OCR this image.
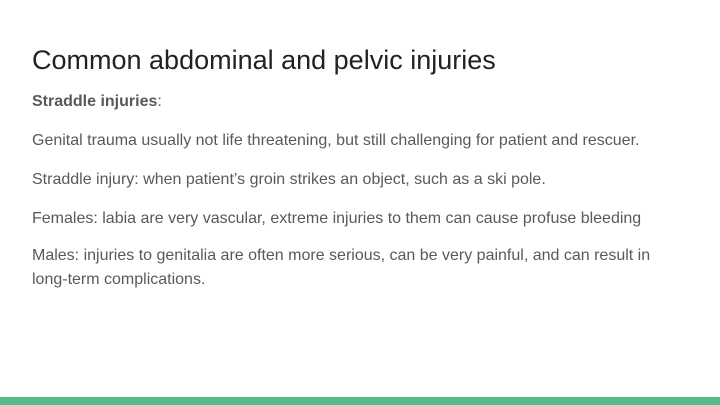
Common abdominal and pelvic injuries

Straddle injuries:

Genital trauma usually not life threatening, but still challenging for patient and rescuer.

Straddle injury: when patient’s groin strikes an object, such as a ski pole.

Females: labia are very vascular, extreme injuries to them can cause profuse bleeding

Males: injuries to genitalia are often more serious, can be very painful, and can result in long-term complications.
